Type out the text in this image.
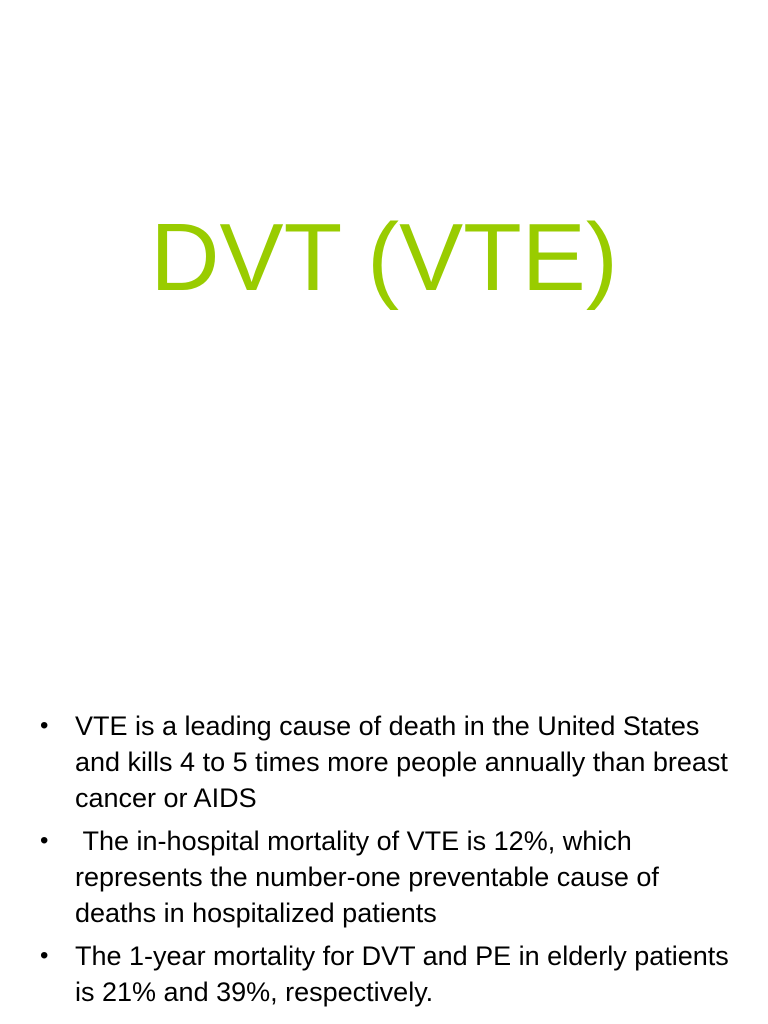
DVT (VTE)
• VTE is a leading cause of death in the United States and kills 4 to 5 times more people annually than breast cancer or AIDS
• The in-hospital mortality of VTE is 12%, which represents the number-one preventable cause of deaths in hospitalized patients
• The 1-year mortality for DVT and PE in elderly patients is 21% and 39%, respectively.
